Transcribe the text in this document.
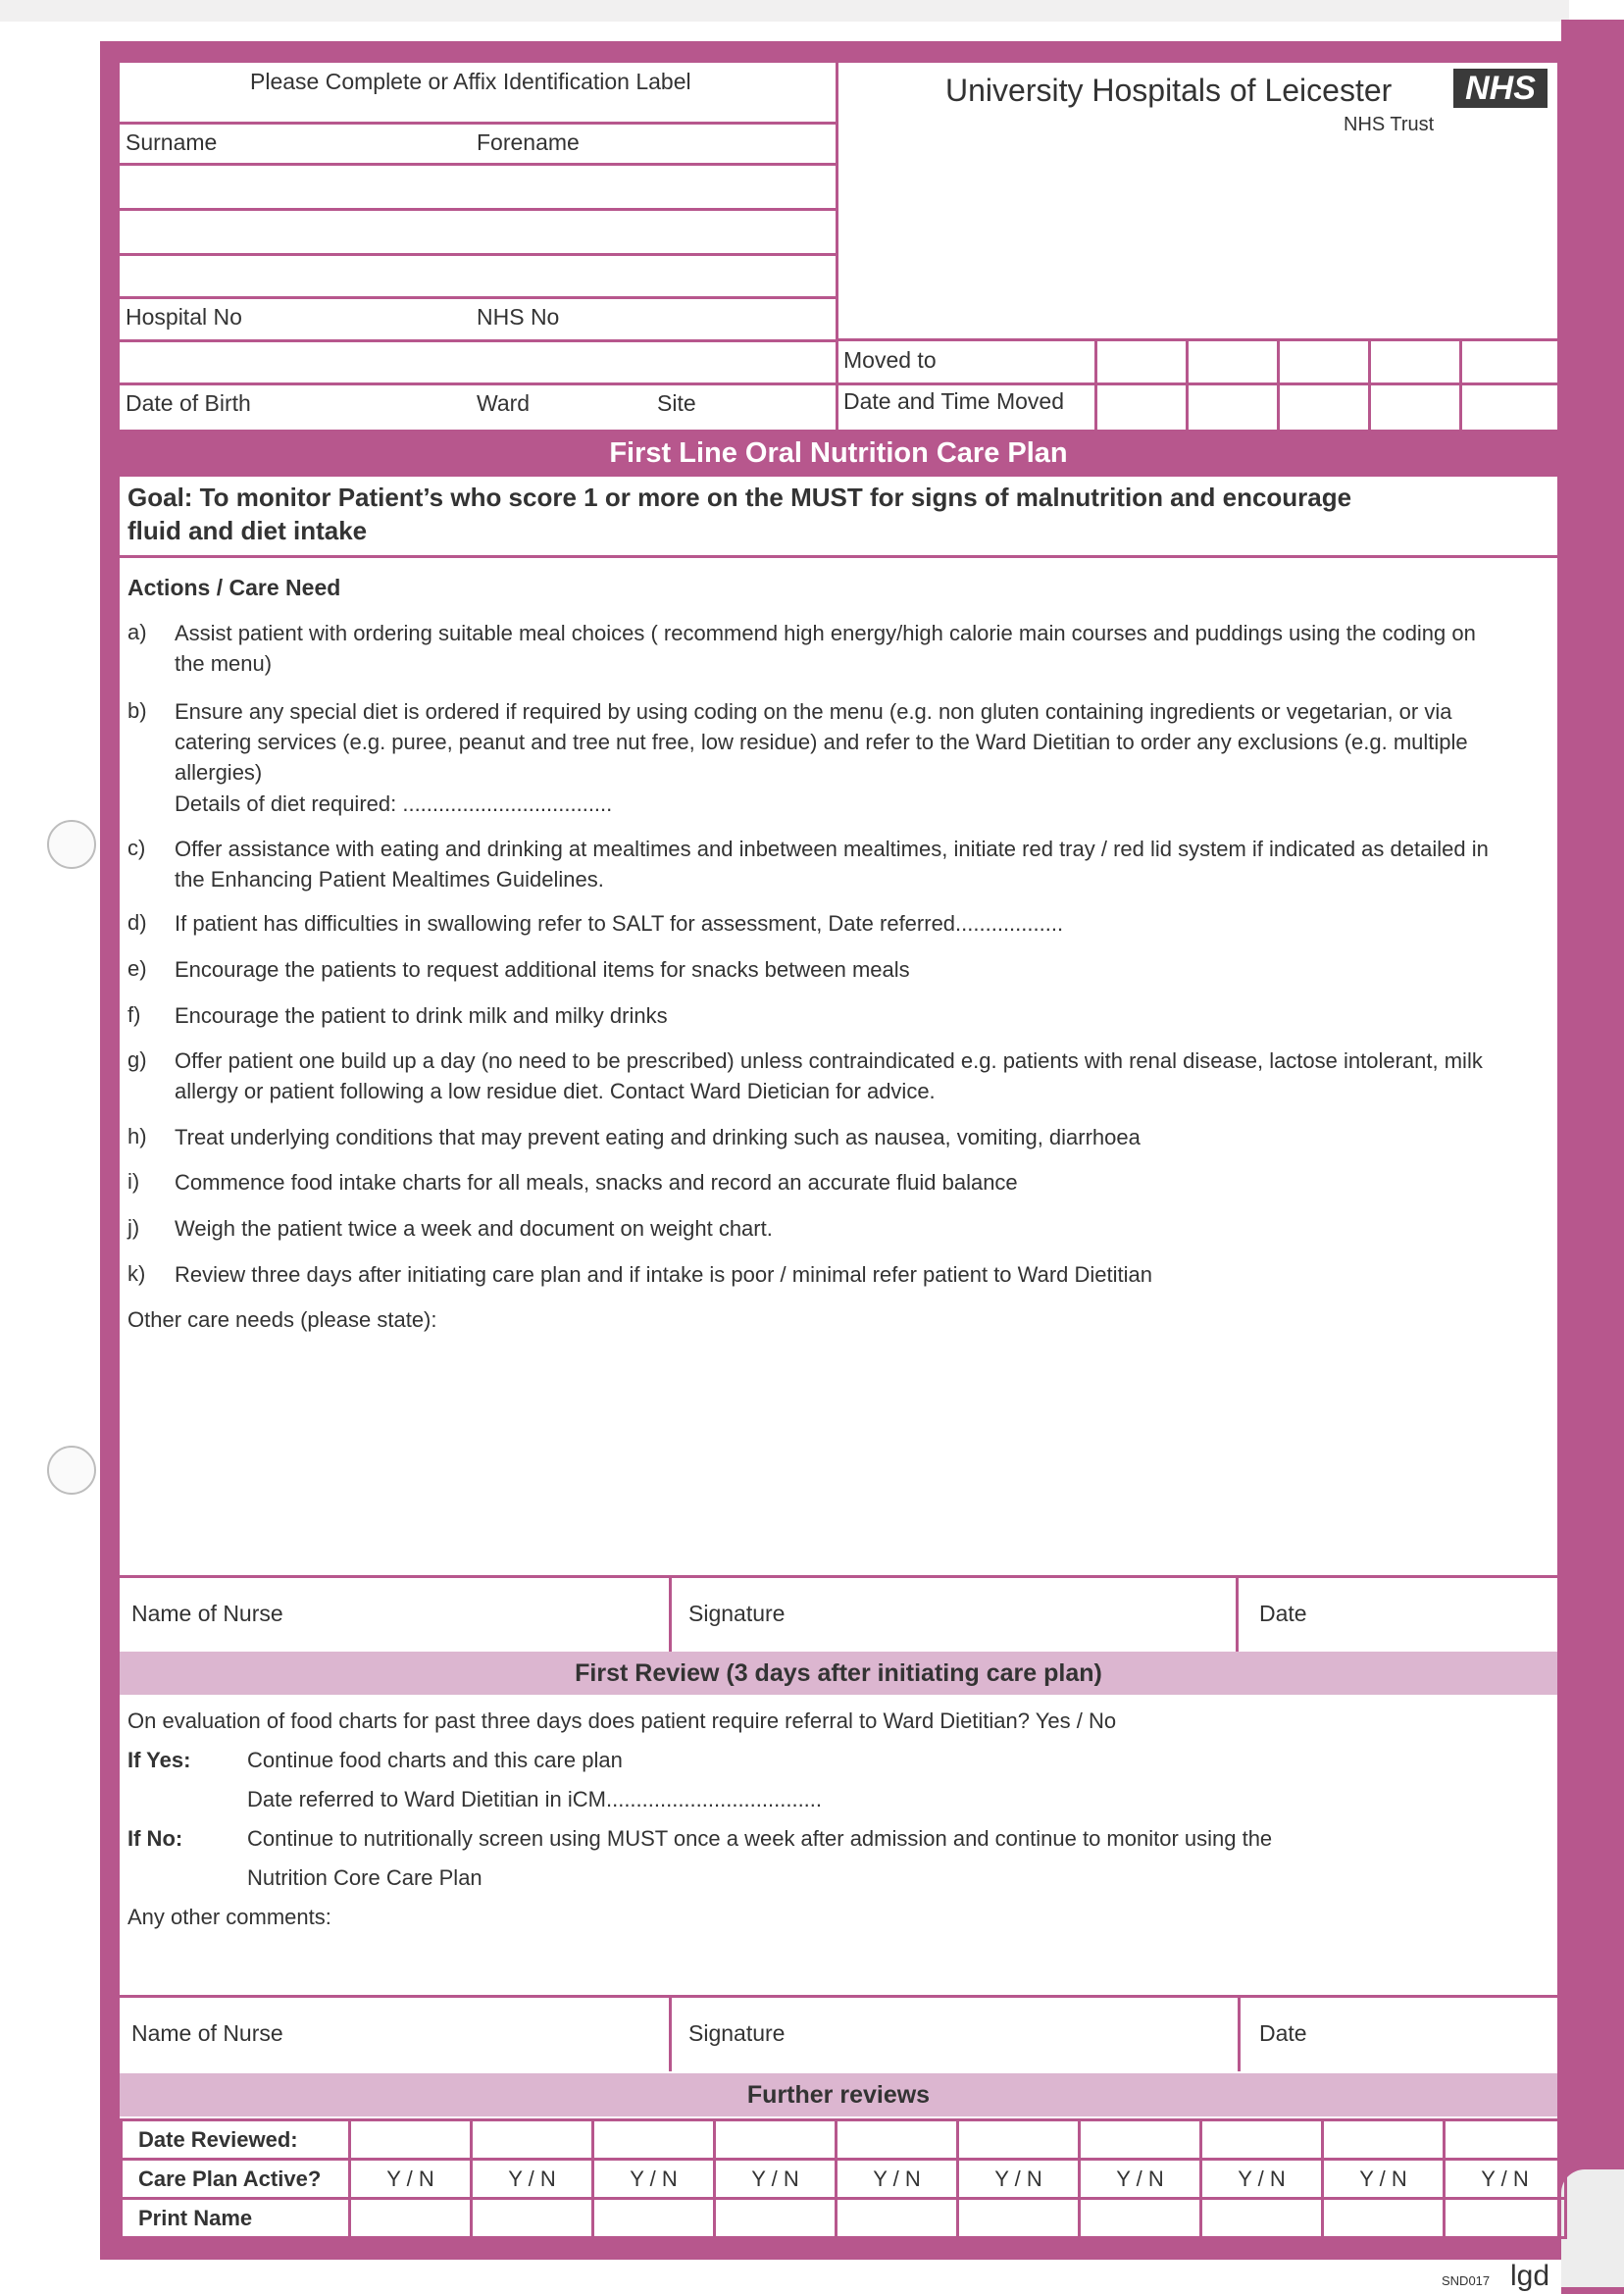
Please Complete or Affix Identification Label
Surname	Forename
Hospital No	NHS No
Date of Birth	Ward	Site
Moved to
Date and Time Moved
University Hospitals of Leicester	NHS
NHS Trust
First Line Oral Nutrition Care Plan
Goal: To monitor Patient’s who score 1 or more on the MUST for signs of malnutrition and encourage fluid and diet intake
Actions / Care Need
a) Assist patient with ordering suitable meal choices ( recommend high energy/high calorie main courses and puddings using the coding on the menu)
b) Ensure any special diet is ordered if required by using coding on the menu (e.g. non gluten containing ingredients or vegetarian, or via catering services (e.g. puree, peanut and tree nut free, low residue) and refer to the Ward Dietitian to order any exclusions (e.g. multiple allergies)
Details of diet required: ...................................
c) Offer assistance with eating and drinking at mealtimes and inbetween mealtimes, initiate red tray / red lid system if indicated as detailed in the Enhancing Patient Mealtimes Guidelines.
d) If patient has difficulties in swallowing refer to SALT for assessment, Date referred..................
e) Encourage the patients to request additional items for snacks between meals
f) Encourage the patient to drink milk and milky drinks
g) Offer patient one build up a day (no need to be prescribed) unless contraindicated e.g. patients with renal disease, lactose intolerant, milk allergy or patient following a low residue diet. Contact Ward Dietician for advice.
h) Treat underlying conditions that may prevent eating and drinking such as nausea, vomiting, diarrhoea
i) Commence food intake charts for all meals, snacks and record an accurate fluid balance
j) Weigh the patient twice a week and document on weight chart.
k) Review three days after initiating care plan and if intake is poor / minimal refer patient to Ward Dietitian
Other care needs (please state):
Name of Nurse	Signature	Date
First Review (3 days after initiating care plan)
On evaluation of food charts for past three days does patient require referral to Ward Dietitian? Yes / No
If Yes:	Continue food charts and this care plan
Date referred to Ward Dietitian in iCM....................................
If No:	Continue to nutritionally screen using MUST once a week after admission and continue to monitor using the
Nutrition Core Care Plan
Any other comments:
Name of Nurse	Signature	Date
Further reviews
Date Reviewed:										
Care Plan Active?	Y / N	Y / N	Y / N	Y / N	Y / N	Y / N	Y / N	Y / N	Y / N	Y / N
Print Name										
SND017 lgd
